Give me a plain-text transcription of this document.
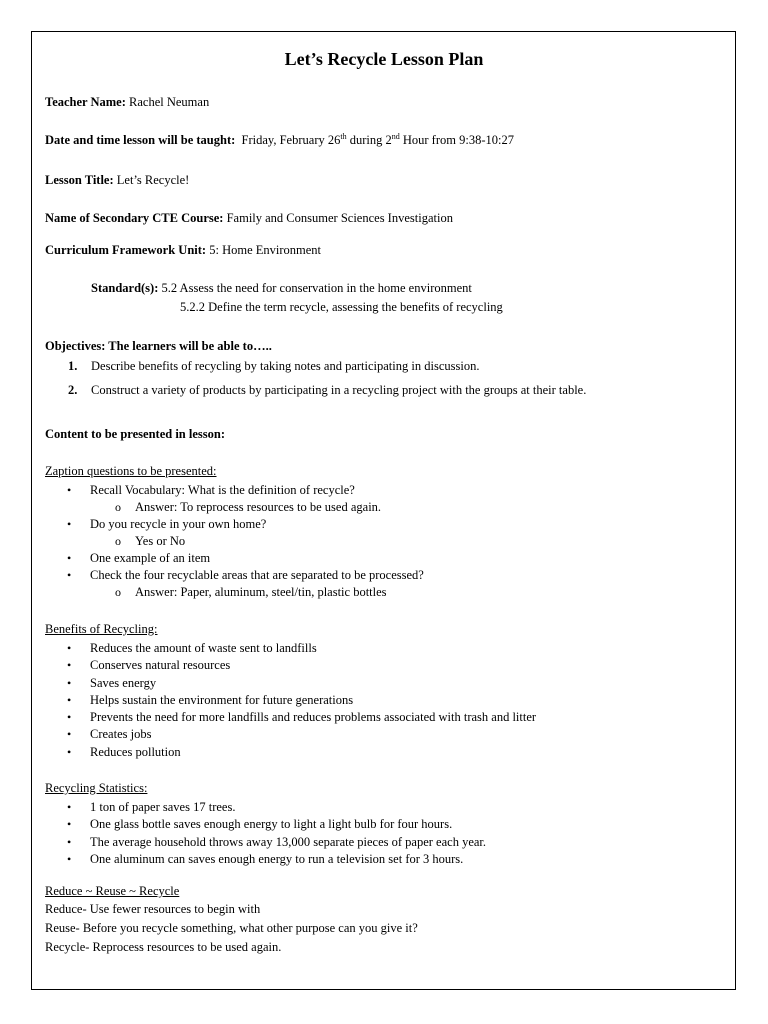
Let’s Recycle Lesson Plan
Teacher Name: Rachel Neuman
Date and time lesson will be taught: Friday, February 26th during 2nd Hour from 9:38-10:27
Lesson Title: Let’s Recycle!
Name of Secondary CTE Course: Family and Consumer Sciences Investigation
Curriculum Framework Unit: 5: Home Environment
Standard(s): 5.2 Assess the need for conservation in the home environment
5.2.2 Define the term recycle, assessing the benefits of recycling
Objectives: The learners will be able to…..
1. Describe benefits of recycling by taking notes and participating in discussion.
2. Construct a variety of products by participating in a recycling project with the groups at their table.
Content to be presented in lesson:
Zaption questions to be presented:
• Recall Vocabulary: What is the definition of recycle?
o Answer: To reprocess resources to be used again.
• Do you recycle in your own home?
o Yes or No
• One example of an item
• Check the four recyclable areas that are separated to be processed?
o Answer: Paper, aluminum, steel/tin, plastic bottles
Benefits of Recycling:
• Reduces the amount of waste sent to landfills
• Conserves natural resources
• Saves energy
• Helps sustain the environment for future generations
• Prevents the need for more landfills and reduces problems associated with trash and litter
• Creates jobs
• Reduces pollution
Recycling Statistics:
• 1 ton of paper saves 17 trees.
• One glass bottle saves enough energy to light a light bulb for four hours.
• The average household throws away 13,000 separate pieces of paper each year.
• One aluminum can saves enough energy to run a television set for 3 hours.
Reduce ~ Reuse ~ Recycle
Reduce- Use fewer resources to begin with
Reuse- Before you recycle something, what other purpose can you give it?
Recycle- Reprocess resources to be used again.
